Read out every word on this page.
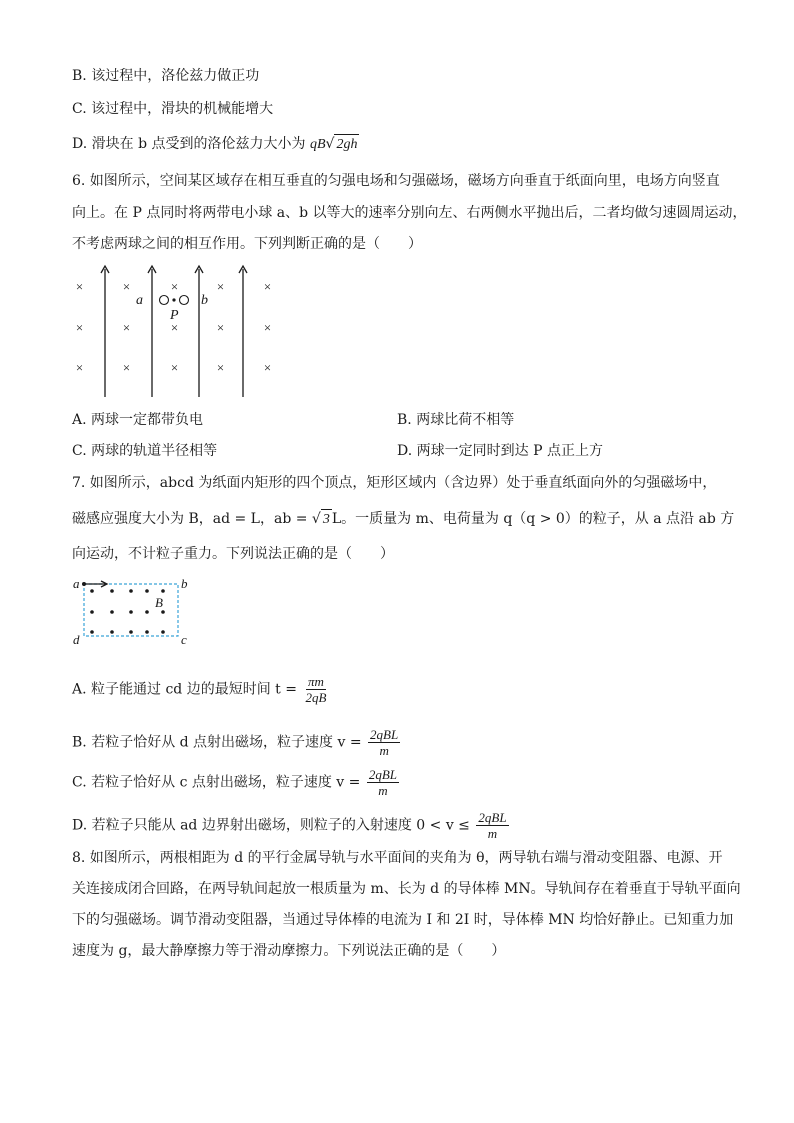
B. 该过程中，洛伦兹力做正功
C. 该过程中，滑块的机械能增大
D. 滑块在 b 点受到的洛伦兹力大小为 qB√ 2gh
6. 如图所示，空间某区域存在相互垂直的匀强电场和匀强磁场，磁场方向垂直于纸面向里，电场方向竖直
向上。在 P 点同时将两带电小球 a、b 以等大的速率分别向左、右两侧水平抛出后，二者均做匀速圆周运动，
不考虑两球之间的相互作用。下列判断正确的是（　　）
×	×	×	×	×
×	×	×	×	×
×	×	×	×	×
a	b
P
A. 两球一定都带负电	B. 两球比荷不相等
C. 两球的轨道半径相等	D. 两球一定同时到达 P 点正上方
7. 如图所示，abcd 为纸面内矩形的四个顶点，矩形区域内（含边界）处于垂直纸面向外的匀强磁场中，
磁感应强度大小为 B，ad = L，ab = √ 3 L。一质量为 m、电荷量为 q（q > 0）的粒子，从 a 点沿 ab 方
向运动，不计粒子重力。下列说法正确的是（　　）
a	b
c
d
B
A. 粒子能通过 cd 边的最短时间 $t = \frac{\pi m}{2qB}$
B. 若粒子恰好从 d 点射出磁场，粒子速度 $v = \frac{\text{2qBL}}{m}$
C. 若粒子恰好从 c 点射出磁场，粒子速度 $v = \frac{\text{2qBL}}{m}$
D. 若粒子只能从 ad 边界射出磁场，则粒子的入射速度 $0 < v \le \frac{\text{2qBL}}{m}$
8. 如图所示，两根相距为 d 的平行金属导轨与水平面间的夹角为 θ，两导轨右端与滑动变阻器、电源、开
关连接成闭合回路，在两导轨间起放一根质量为 m、长为 d 的导体棒 MN。导轨间存在着垂直于导轨平面向
下的匀强磁场。调节滑动变阻器，当通过导体棒的电流为 I 和 2I 时，导体棒 MN 均恰好静止。已知重力加
速度为 g，最大静摩擦力等于滑动摩擦力。下列说法正确的是（　　）
